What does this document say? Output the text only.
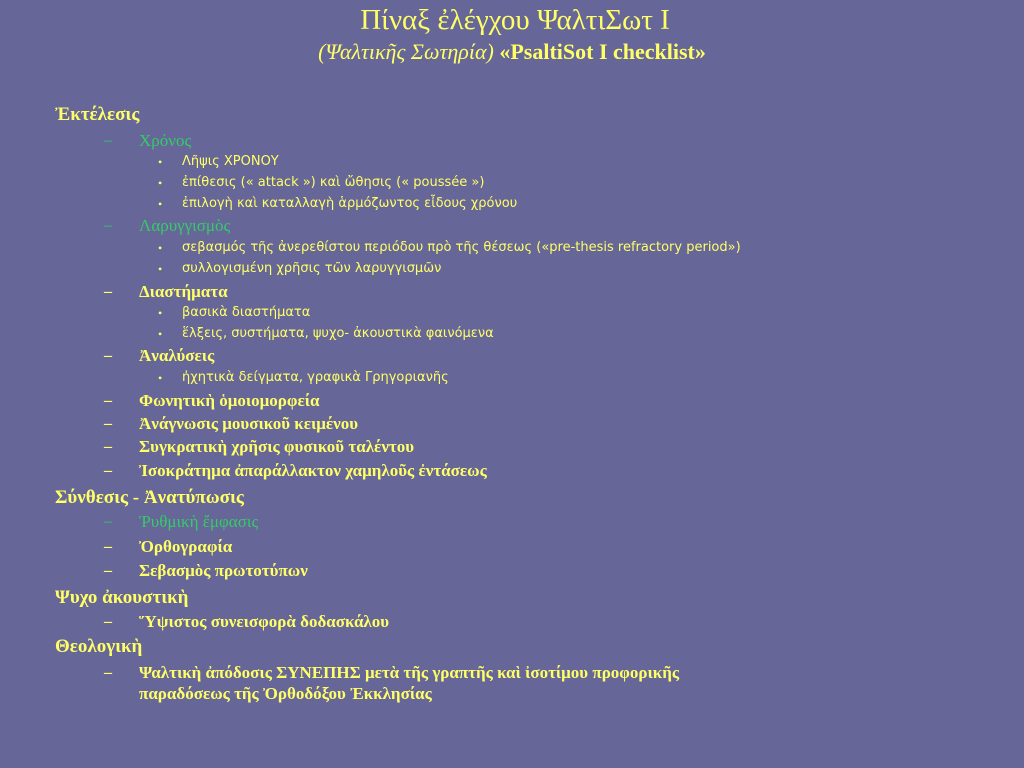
Πίναξ ἐλέγχου ΨαλτιΣωτ Ι
(Ψαλτικῆς Σωτηρία) «PsaltiSot I checklist»
Ἐκτέλεσις
– Χρόνος
• Λῆψις ΧΡΟΝΟΥ
• ἐπίθεσις (« attack ») καὶ ὤθησις (« poussée »)
• ἐπιλογὴ καὶ καταλλαγὴ ἁρμόζωντος εἶδους χρόνου
– Λαρυγγισμὸς
• σεβασμός τῆς ἀνερεθίστου περιόδου πρὸ τῆς θέσεως («pre-thesis refractory period»)
• συλλογισμένη χρῆσις τῶν λαρυγγισμῶν
– Διαστήματα
• βασικὰ διαστήματα
• ἕλξεις, συστήματα, ψυχο- ἀκουστικὰ φαινόμενα
– Ἀναλύσεις
• ἠχητικὰ δείγματα, γραφικὰ Γρηγοριανῆς
– Φωνητικὴ ὁμοιομορφεία
– Ἀνάγνωσις μουσικοῦ κειμένου
– Συγκρατικὴ χρῆσις φυσικοῦ ταλέντου
– Ἰσοκράτημα ἀπαράλλακτον χαμηλοῦς ἐντάσεως
Σύνθεσις - Ἀνατύπωσις
– Ῥυθμικὴ ἔμφασις
– Ὀρθογραφία
– Σεβασμὸς πρωτοτύπων
Ψυχο ἀκουστικὴ
– Ὕψιστος συνεισφορὰ δοδασκάλου
Θεολογικὴ
– Ψαλτικὴ ἀπόδοσις ΣΥΝΕΠΗΣ μετὰ τῆς γραπτῆς καὶ ἰσοτίμου προφορικῆς
παραδόσεως τῆς Ὀρθοδόξου Ἐκκλησίας
